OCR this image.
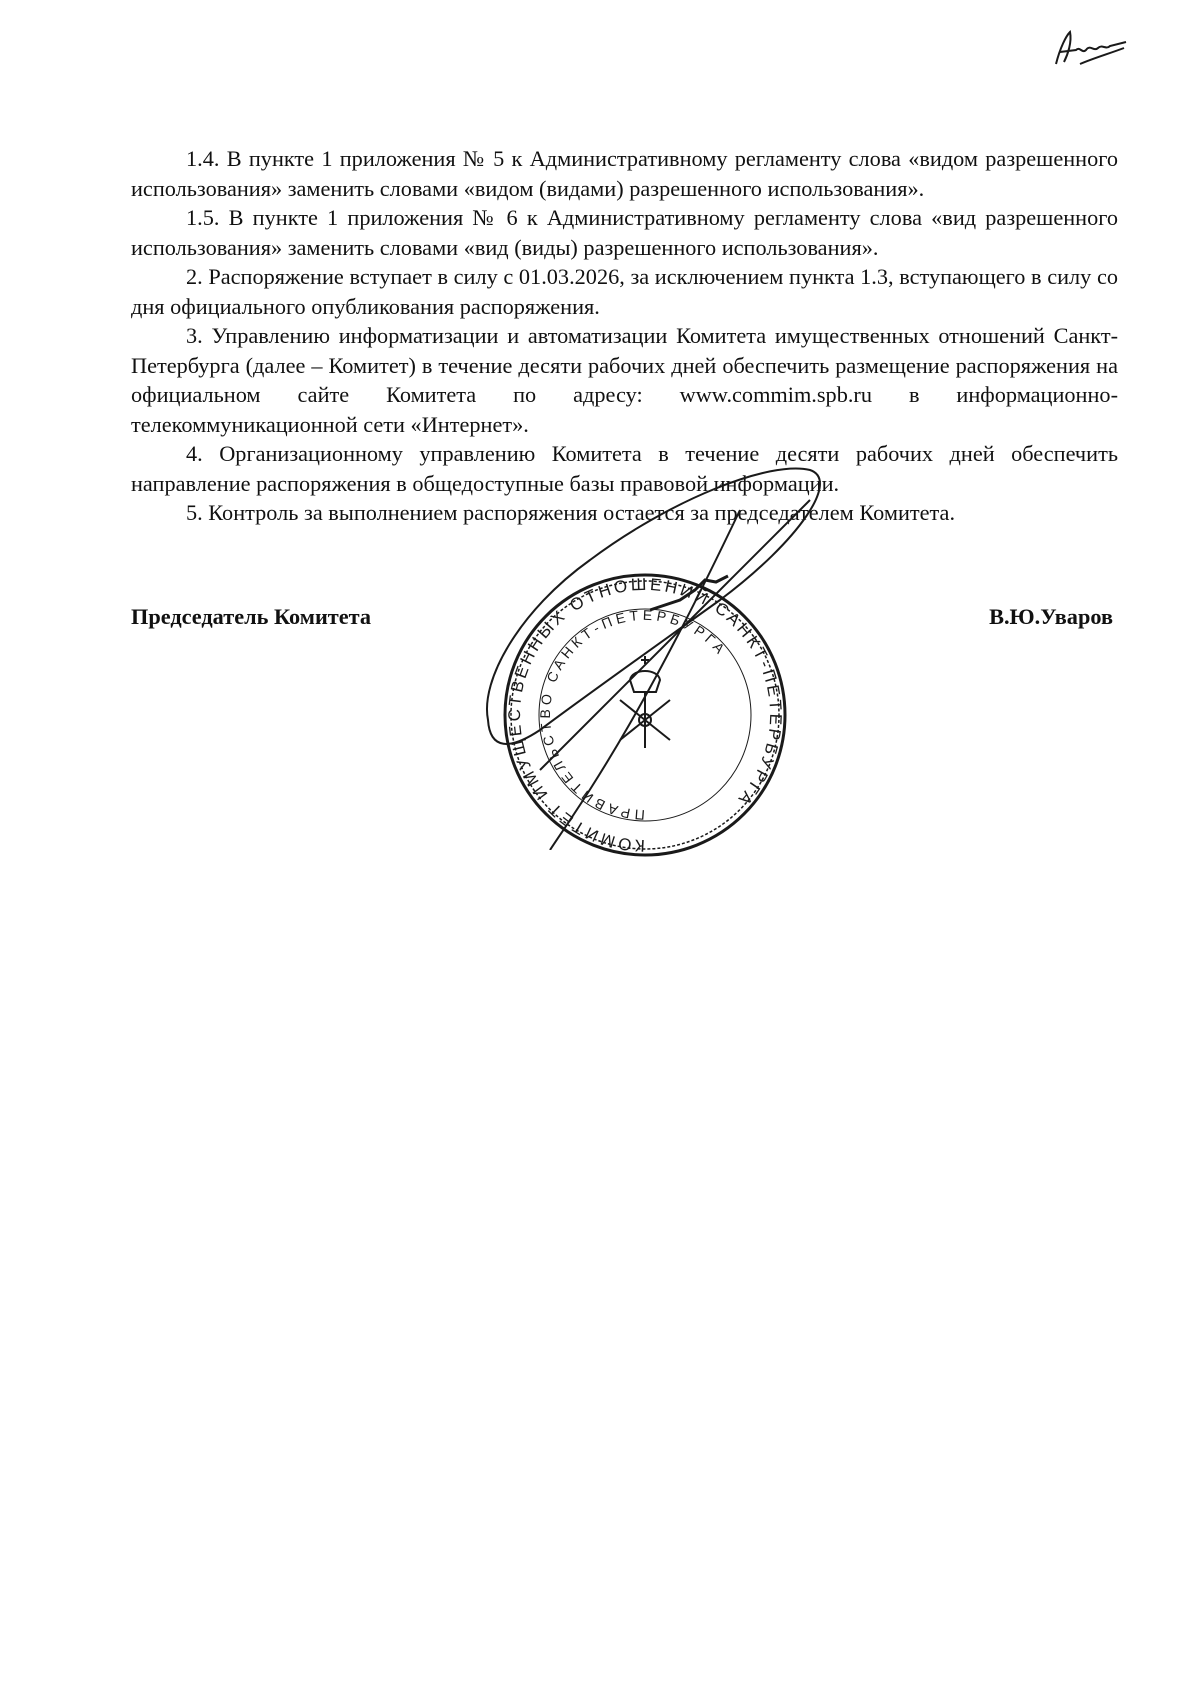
1.4. В пункте 1 приложения № 5 к Административному регламенту слова «видом разрешенного использования» заменить словами «видом (видами) разрешенного использования».

1.5. В пункте 1 приложения № 6 к Административному регламенту слова «вид разрешенного использования» заменить словами «вид (виды) разрешенного использования».

2. Распоряжение вступает в силу с 01.03.2026, за исключением пункта 1.3, вступающего в силу со дня официального опубликования распоряжения.

3. Управлению информатизации и автоматизации Комитета имущественных отношений Санкт-Петербурга (далее – Комитет) в течение десяти рабочих дней обеспечить размещение распоряжения на официальном сайте Комитета по адресу: www.commim.spb.ru в информационно-телекоммуникационной сети «Интернет».

4. Организационному управлению Комитета в течение десяти рабочих дней обеспечить направление распоряжения в общедоступные базы правовой информации.

5. Контроль за выполнением распоряжения остается за председателем Комитета.

Председатель Комитета	В.Ю.Уваров
КОМИТЕТ ИМУЩЕСТВЕННЫХ ОТНОШЕНИЙ САНКТ-ПЕТЕРБУРГА
ПРАВИТЕЛЬСТВО САНКТ-ПЕТЕРБУРГА
